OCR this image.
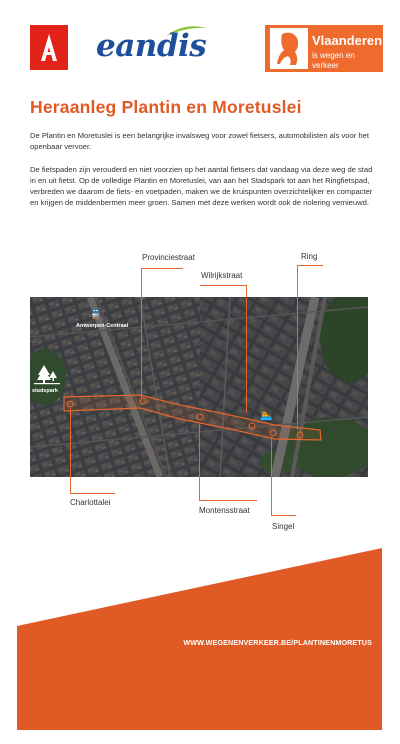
eandis	Vlaanderen
is wegen en verkeer
Heraanleg Plantin en Moretuslei

De Plantin en Moretuslei is een belangrijke invalsweg voor zowel fietsers, automobilisten als voor het openbaar vervoer.

De fietspaden zijn verouderd en niet voorzien op het aantal fietsers dat vandaag via deze weg de stad in en uit fietst. Op de volledige Plantin en Moretuslei, van aan het Stadspark tot aan het Ringfietspad, verbreden we daarom de fiets- en voetpaden, maken we de kruispunten overzichtelijker en compacter en krijgen de middenbermen meer groen. Samen met deze werken wordt ook de riolering vernieuwd.

🚆
Antwerpen-Centraal
stadspark
🏊
Provinciestraat
Wilrijkstraat
Ring
Charlottalei
Montensstraat
Singel
WWW.WEGENENVERKEER.BE/PLANTINENMORETUS
